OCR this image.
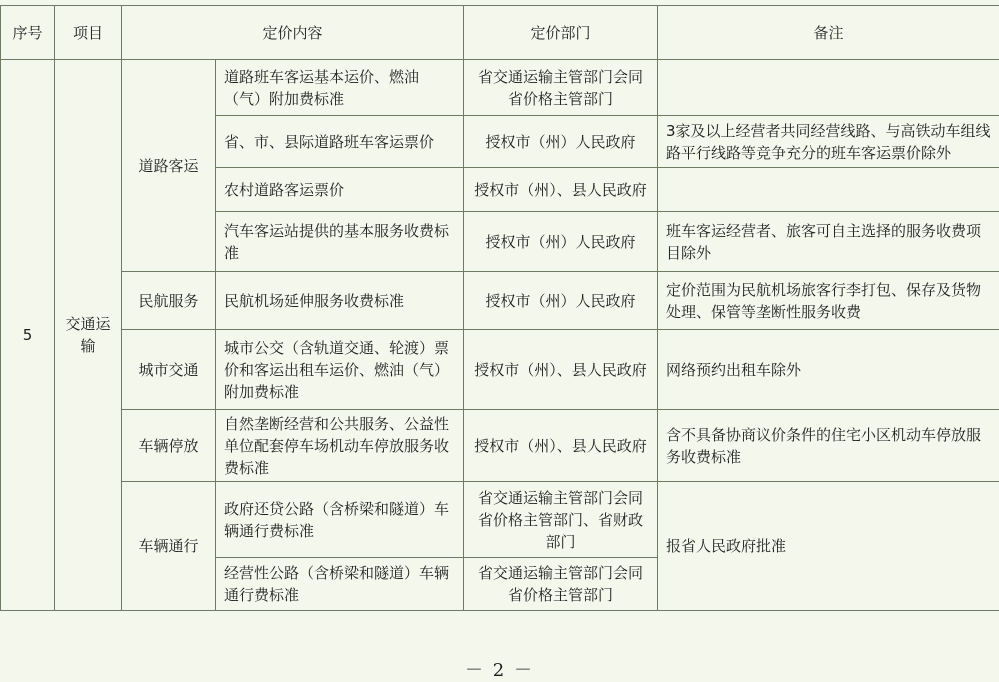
序号	项目	定价内容		定价部门	备注
5	交通运输	道路客运	道路班车客运基本运价、燃油（气）附加费标准	省交通运输主管部门会同省价格主管部门	
			省、市、县际道路班车客运票价	授权市（州）人民政府	3家及以上经营者共同经营线路、与高铁动车组线路平行线路等竞争充分的班车客运票价除外
			农村道路客运票价	授权市（州）、县人民政府	
			汽车客运站提供的基本服务收费标准	授权市（州）人民政府	班车客运经营者、旅客可自主选择的服务收费项目除外
		民航服务	民航机场延伸服务收费标准	授权市（州）人民政府	定价范围为民航机场旅客行李打包、保存及货物处理、保管等垄断性服务收费
		城市交通	城市公交（含轨道交通、轮渡）票价和客运出租车运价、燃油（气）附加费标准	授权市（州）、县人民政府	网络预约出租车除外
		车辆停放	自然垄断经营和公共服务、公益性单位配套停车场机动车停放服务收费标准	授权市（州）、县人民政府	含不具备协商议价条件的住宅小区机动车停放服务收费标准
		车辆通行	政府还贷公路（含桥梁和隧道）车辆通行费标准	省交通运输主管部门会同省价格主管部门、省财政部门	报省人民政府批准
			经营性公路（含桥梁和隧道）车辆通行费标准	省交通运输主管部门会同省价格主管部门	
－ 2 －
